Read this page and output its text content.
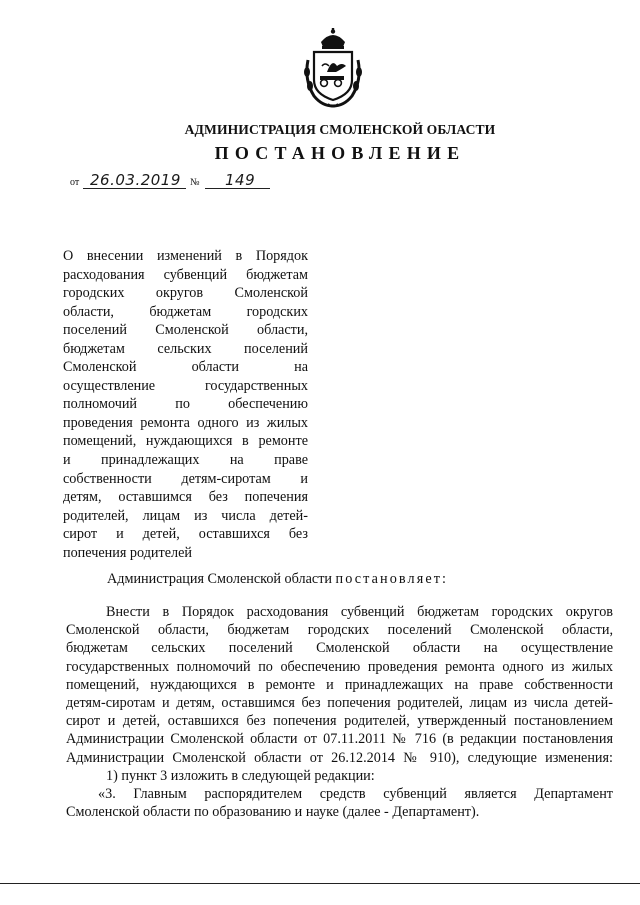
АДМИНИСТРАЦИЯ СМОЛЕНСКОЙ ОБЛАСТИ
ПОСТАНОВЛЕНИЕ
от 26.03.2019 № 149
О внесении изменений в Порядок
расходования субвенций бюджетам
городских округов Смоленской
области, бюджетам городских
поселений Смоленской области,
бюджетам сельских поселений
Смоленской области на
осуществление государственных
полномочий по обеспечению
проведения ремонта одного из жилых
помещений, нуждающихся в ремонте
и принадлежащих на праве
собственности детям-сиротам и
детям, оставшимся без попечения
родителей, лицам из числа детей-
сирот и детей, оставшихся без
попечения родителей
Администрация Смоленской области постановляет:
Внести в Порядок расходования субвенций бюджетам городских округов
Смоленской области, бюджетам городских поселений Смоленской области,
бюджетам сельских поселений Смоленской области на осуществление
государственных полномочий по обеспечению проведения ремонта одного из жилых
помещений, нуждающихся в ремонте и принадлежащих на праве собственности
детям-сиротам и детям, оставшимся без попечения родителей, лицам из числа детей-
сирот и детей, оставшихся без попечения родителей, утвержденный постановлением
Администрации Смоленской области от 07.11.2011 № 716 (в редакции постановления
Администрации Смоленской области от 26.12.2014 № 910), следующие изменения:
1) пункт 3 изложить в следующей редакции:
«3. Главным распорядителем средств субвенций является Департамент
Смоленской области по образованию и науке (далее - Департамент).
